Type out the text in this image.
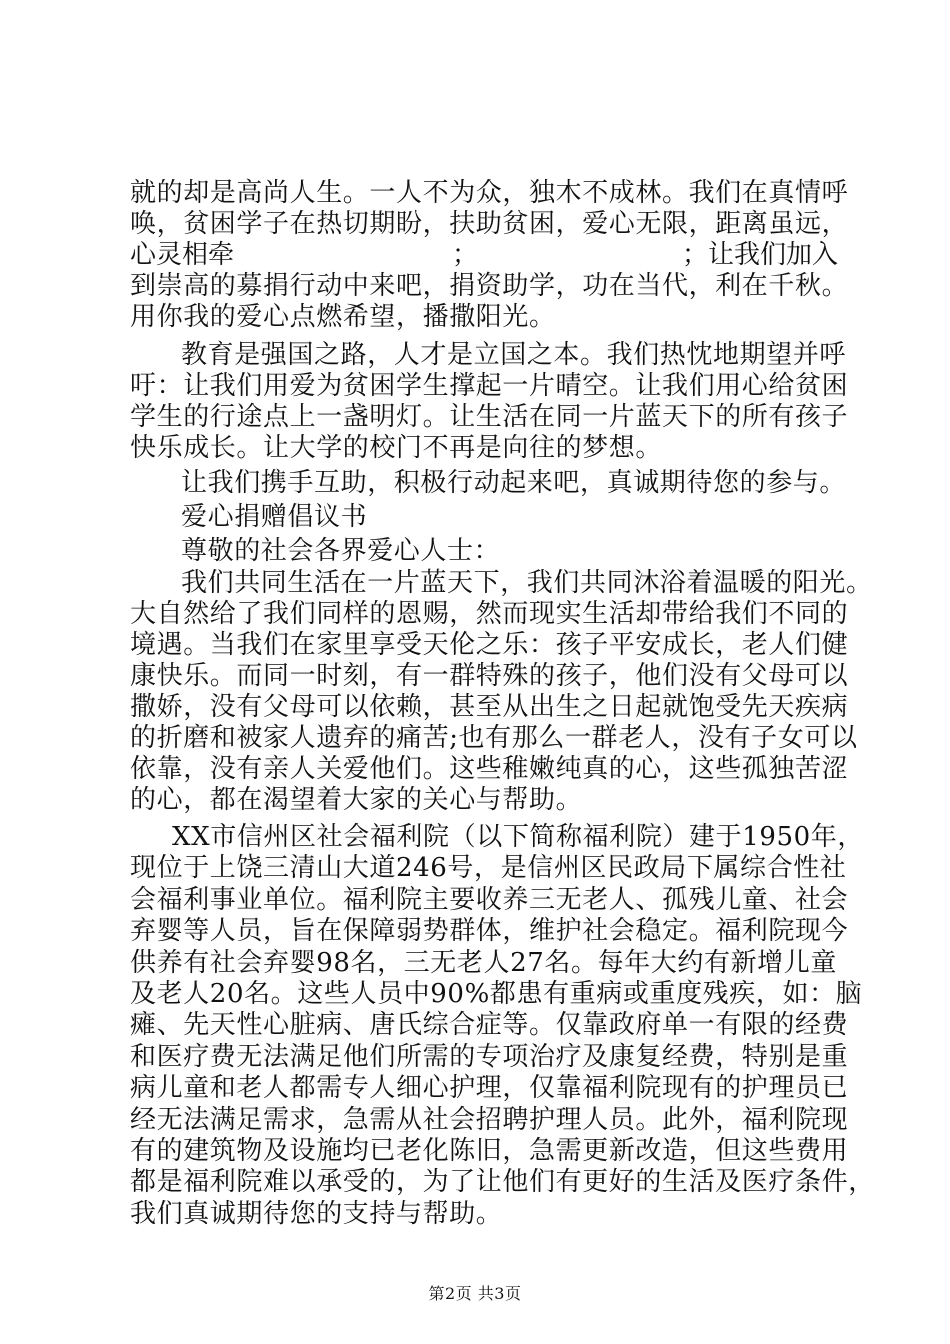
就的却是高尚人生。一人不为众，独木不成林。我们在真情呼
唤，贫困学子在热切期盼，扶助贫困，爱心无限，距离虽远，
心灵相牵	；	；让我们加入
到崇高的募捐行动中来吧，捐资助学，功在当代，利在千秋。
用你我的爱心点燃希望，播撒阳光。
教育是强国之路，人才是立国之本。我们热忱地期望并呼
吁：让我们用爱为贫困学生撑起一片晴空。让我们用心给贫困
学生的行途点上一盏明灯。让生活在同一片蓝天下的所有孩子
快乐成长。让大学的校门不再是向往的梦想。
让我们携手互助，积极行动起来吧，真诚期待您的参与。
爱心捐赠倡议书
尊敬的社会各界爱心人士：
我们共同生活在一片蓝天下，我们共同沐浴着温暖的阳光。
大自然给了我们同样的恩赐，然而现实生活却带给我们不同的
境遇。当我们在家里享受天伦之乐：孩子平安成长，老人们健
康快乐。而同一时刻，有一群特殊的孩子，他们没有父母可以
撒娇，没有父母可以依赖，甚至从出生之日起就饱受先天疾病
的折磨和被家人遗弃的痛苦;也有那么一群老人，没有子女可以
依靠，没有亲人关爱他们。这些稚嫩纯真的心，这些孤独苦涩
的心，都在渴望着大家的关心与帮助。
第2页 共3页
XX市信州区社会福利院（以下简称福利院）建于1950年，
现位于上饶三清山大道246号，是信州区民政局下属综合性社
会福利事业单位。福利院主要收养三无老人、孤残儿童、社会
弃婴等人员，旨在保障弱势群体，维护社会稳定。福利院现今
供养有社会弃婴98名，三无老人27名。每年大约有新增儿童
及老人20名。这些人员中90%都患有重病或重度残疾，如：脑
瘫、先天性心脏病、唐氏综合症等。仅靠政府单一有限的经费
和医疗费无法满足他们所需的专项治疗及康复经费，特别是重
病儿童和老人都需专人细心护理，仅靠福利院现有的护理员已
经无法满足需求，急需从社会招聘护理人员。此外，福利院现
有的建筑物及设施均已老化陈旧，急需更新改造，但这些费用
都是福利院难以承受的，为了让他们有更好的生活及医疗条件，
我们真诚期待您的支持与帮助。
